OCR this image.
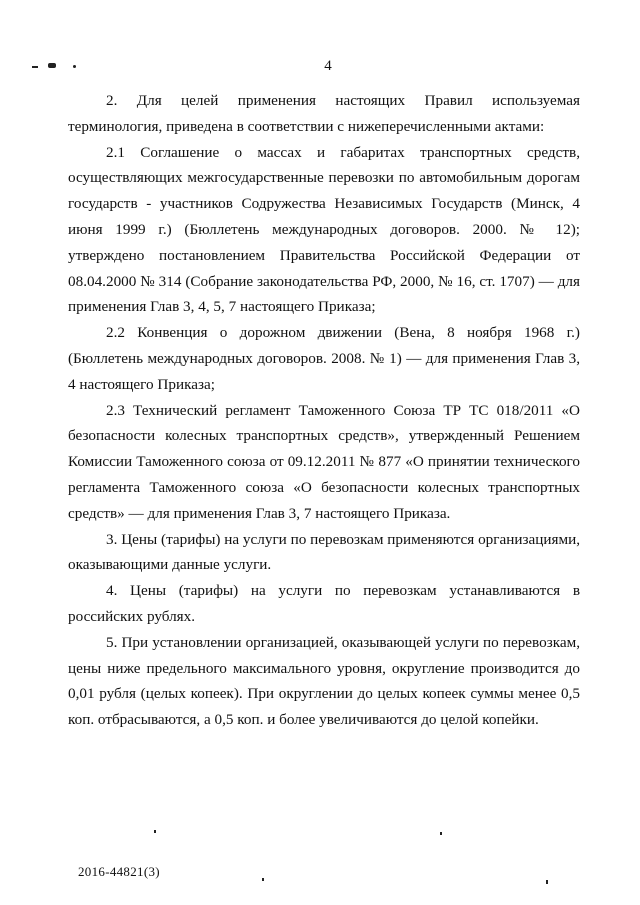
4

2. Для целей применения настоящих Правил используемая терминология, приведена в соответствии с нижеперечисленными актами:

2.1 Соглашение о массах и габаритах транспортных средств, осуществляющих межгосударственные перевозки по автомобильным дорогам государств - участников Содружества Независимых Государств (Минск, 4 июня 1999 г.) (Бюллетень международных договоров. 2000. № 12); утверждено постановлением Правительства Российской Федерации от 08.04.2000 № 314 (Собрание законодательства РФ, 2000, № 16, ст. 1707) — для применения Глав 3, 4, 5, 7 настоящего Приказа;

2.2 Конвенция о дорожном движении (Вена, 8 ноября 1968 г.) (Бюллетень международных договоров. 2008. № 1) — для применения Глав 3, 4 настоящего Приказа;

2.3 Технический регламент Таможенного Союза ТР ТС 018/2011 «О безопасности колесных транспортных средств», утвержденный Решением Комиссии Таможенного союза от 09.12.2011 № 877 «О принятии технического регламента Таможенного союза «О безопасности колесных транспортных средств» — для применения Глав 3, 7 настоящего Приказа.

3. Цены (тарифы) на услуги по перевозкам применяются организациями, оказывающими данные услуги.

4. Цены (тарифы) на услуги по перевозкам устанавливаются в российских рублях.

5. При установлении организацией, оказывающей услуги по перевозкам, цены ниже предельного максимального уровня, округление производится до 0,01 рубля (целых копеек). При округлении до целых копеек суммы менее 0,5 коп. отбрасываются, а 0,5 коп. и более увеличиваются до целой копейки.

2016-44821(3)
